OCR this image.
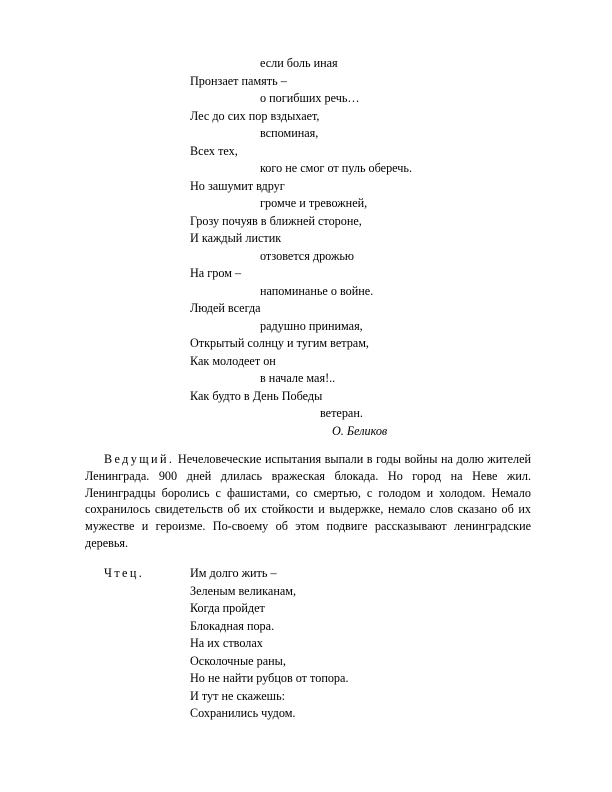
если боль иная
Пронзает память –
о погибших речь…
Лес до сих пор вздыхает,
вспоминая,
Всех тех,
кого не смог от пуль оберечь.
Но зашумит вдруг
громче и тревожней,
Грозу почуяв в ближней стороне,
И каждый листик
отзовется дрожью
На гром –
напоминанье о войне.
Людей всегда
радушно принимая,
Открытый солнцу и тугим ветрам,
Как молодеет он
в начале мая!..
Как будто в День Победы
ветеран.
О. Беликов

Ведущий. Нечеловеческие испытания выпали в годы войны на долю жителей Ленинграда. 900 дней длилась вражеская блокада. Но город на Неве жил. Ленинградцы боролись с фашистами, со смертью, с голодом и холодом. Немало сохранилось свидетельств об их стойкости и выдержке, немало слов сказано об их мужестве и героизме. По-своему об этом подвиге рассказывают ленинградские деревья.

Чтец.	Им долго жить –
Зеленым великанам,
Когда пройдет
Блокадная пора.
На их стволах
Осколочные раны,
Но не найти рубцов от топора.
И тут не скажешь:
Сохранились чудом.
